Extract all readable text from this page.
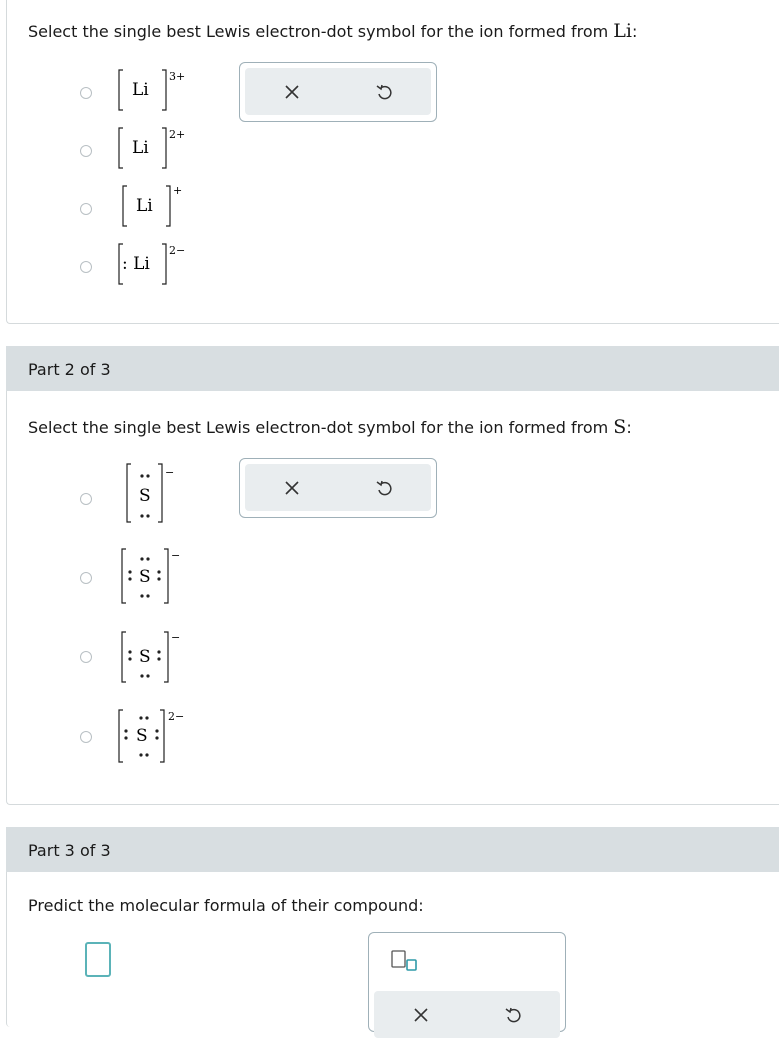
Select the single best Lewis electron-dot symbol for the ion formed from Li:
Li
3+
Li
2+
Li
+
: Li
2−
Part 2 of 3
Select the single best Lewis electron-dot symbol for the ion formed from S:
S
−
S
−
S
−
S
2−
Part 3 of 3
Predict the molecular formula of their compound:
